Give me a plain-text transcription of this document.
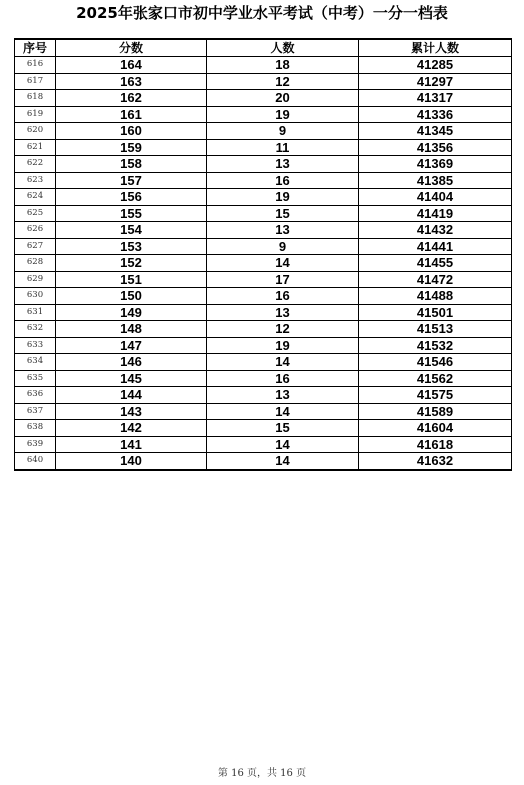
2025年张家口市初中学业水平考试（中考）一分一档表
序号	分数	人数	累计人数
616	164	18	41285
617	163	12	41297
618	162	20	41317
619	161	19	41336
620	160	9	41345
621	159	11	41356
622	158	13	41369
623	157	16	41385
624	156	19	41404
625	155	15	41419
626	154	13	41432
627	153	9	41441
628	152	14	41455
629	151	17	41472
630	150	16	41488
631	149	13	41501
632	148	12	41513
633	147	19	41532
634	146	14	41546
635	145	16	41562
636	144	13	41575
637	143	14	41589
638	142	15	41604
639	141	14	41618
640	140	14	41632
第 16 页，共 16 页
